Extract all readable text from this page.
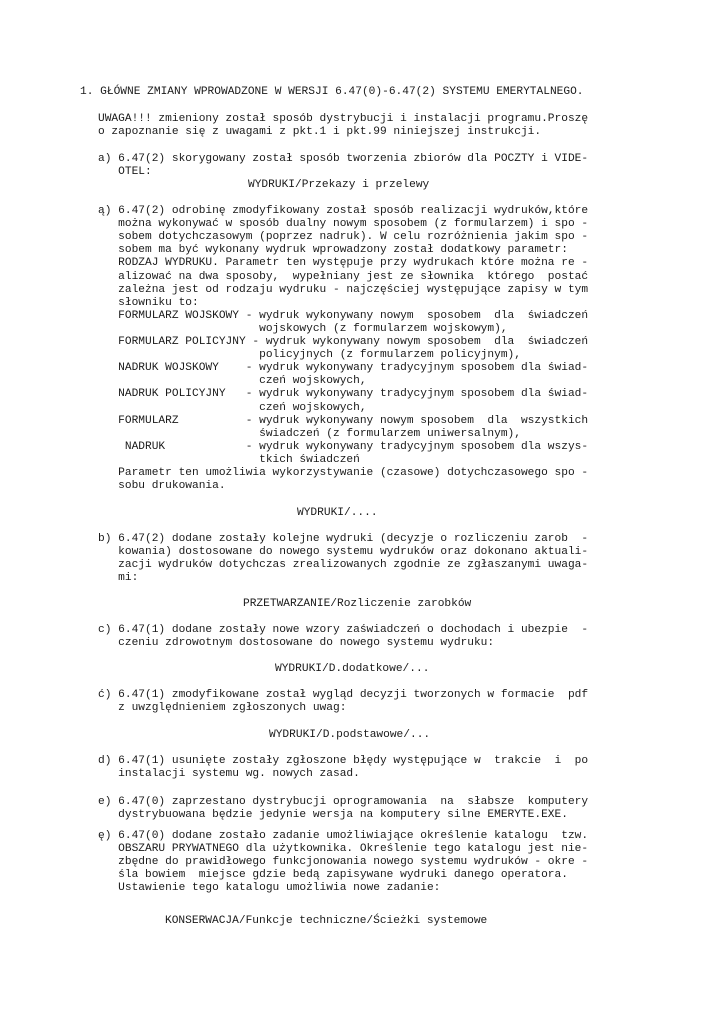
1. GŁÓWNE ZMIANY WPROWADZONE W WERSJI 6.47(0)-6.47(2) SYSTEMU EMERYTALNEGO.
UWAGA!!! zmieniony został sposób dystrybucji i instalacji programu.Proszę
o zapoznanie się z uwagami z pkt.1 i pkt.99 niniejszej instrukcji.
a) 6.47(2) skorygowany został sposób tworzenia zbiorów dla POCZTY i VIDE-
OTEL:
WYDRUKI/Przekazy i przelewy
ą) 6.47(2) odrobinę zmodyfikowany został sposób realizacji wydruków,które
można wykonywać w sposób dualny nowym sposobem (z formularzem) i spo -
sobem dotychczasowym (poprzez nadruk). W celu rozróżnienia jakim spo -
sobem ma być wykonany wydruk wprowadzony został dodatkowy parametr:
RODZAJ WYDRUKU. Parametr ten występuje przy wydrukach które można re -
alizować na dwa sposoby,  wypełniany jest ze słownika  którego  postać
zależna jest od rodzaju wydruku - najczęściej występujące zapisy w tym
słowniku to:
FORMULARZ WOJSKOWY - wydruk wykonywany nowym  sposobem  dla  świadczeń
wojskowych (z formularzem wojskowym),
FORMULARZ POLICYJNY - wydruk wykonywany nowym sposobem  dla  świadczeń
policyjnych (z formularzem policyjnym),
NADRUK WOJSKOWY    - wydruk wykonywany tradycyjnym sposobem dla świad-
czeń wojskowych,
NADRUK POLICYJNY   - wydruk wykonywany tradycyjnym sposobem dla świad-
czeń wojskowych,
FORMULARZ          - wydruk wykonywany nowym sposobem  dla  wszystkich
świadczeń (z formularzem uniwersalnym),
NADRUK            - wydruk wykonywany tradycyjnym sposobem dla wszys-
tkich świadczeń
Parametr ten umożliwia wykorzystywanie (czasowe) dotychczasowego spo -
sobu drukowania.
WYDRUKI/....
b) 6.47(2) dodane zostały kolejne wydruki (decyzje o rozliczeniu zarob  -
kowania) dostosowane do nowego systemu wydruków oraz dokonano aktuali-
zacji wydruków dotychczas zrealizowanych zgodnie ze zgłaszanymi uwaga-
mi:
PRZETWARZANIE/Rozliczenie zarobków
c) 6.47(1) dodane zostały nowe wzory zaświadczeń o dochodach i ubezpie  -
czeniu zdrowotnym dostosowane do nowego systemu wydruku:
WYDRUKI/D.dodatkowe/...
ć) 6.47(1) zmodyfikowane został wygląd decyzji tworzonych w formacie  pdf
z uwzględnieniem zgłoszonych uwag:
WYDRUKI/D.podstawowe/...
d) 6.47(1) usunięte zostały zgłoszone błędy występujące w  trakcie  i  po
instalacji systemu wg. nowych zasad.
e) 6.47(0) zaprzestano dystrybucji oprogramowania  na  słabsze  komputery
dystrybuowana będzie jedynie wersja na komputery silne EMERYTE.EXE.
ę) 6.47(0) dodane zostało zadanie umożliwiające określenie katalogu  tzw.
OBSZARU PRYWATNEGO dla użytkownika. Określenie tego katalogu jest nie-
zbędne do prawidłowego funkcjonowania nowego systemu wydruków - okre -
śla bowiem  miejsce gdzie bedą zapisywane wydruki danego operatora.
Ustawienie tego katalogu umożliwia nowe zadanie:
KONSERWACJA/Funkcje techniczne/Ścieżki systemowe
